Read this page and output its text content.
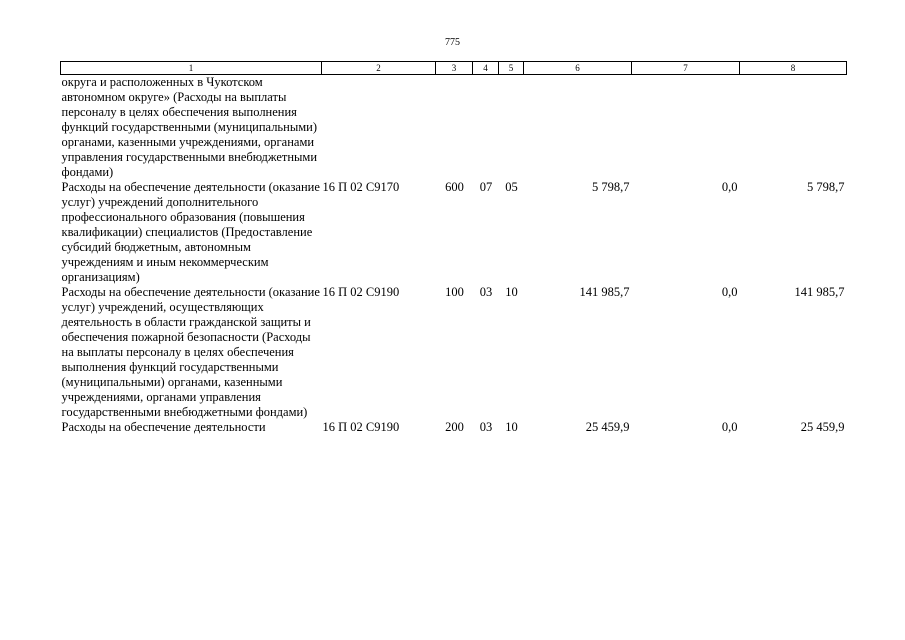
775
1	2	3	4	5	6	7	8
округа и расположенных в Чукотском автономном округе» (Расходы на выплаты персоналу в целях обеспечения выполнения функций государственными (муниципальными) органами, казенными учреждениями, органами управления государственными внебюджетными фондами)							
Расходы на обеспечение деятельности (оказание услуг) учреждений дополнительного профессионального образования (повышения квалификации) специалистов (Предоставление субсидий бюджетным, автономным учреждениям и иным некоммерческим организациям)	16 П 02 С9170	600	07	05	5 798,7	0,0	5 798,7
Расходы на обеспечение деятельности (оказание услуг) учреждений, осуществляющих деятельность в области гражданской защиты и обеспечения пожарной безопасности (Расходы на выплаты персоналу в целях обеспечения выполнения функций государственными (муниципальными) органами, казенными учреждениями, органами управления государственными внебюджетными фондами)	16 П 02 С9190	100	03	10	141 985,7	0,0	141 985,7
Расходы на обеспечение деятельности	16 П 02 С9190	200	03	10	25 459,9	0,0	25 459,9
